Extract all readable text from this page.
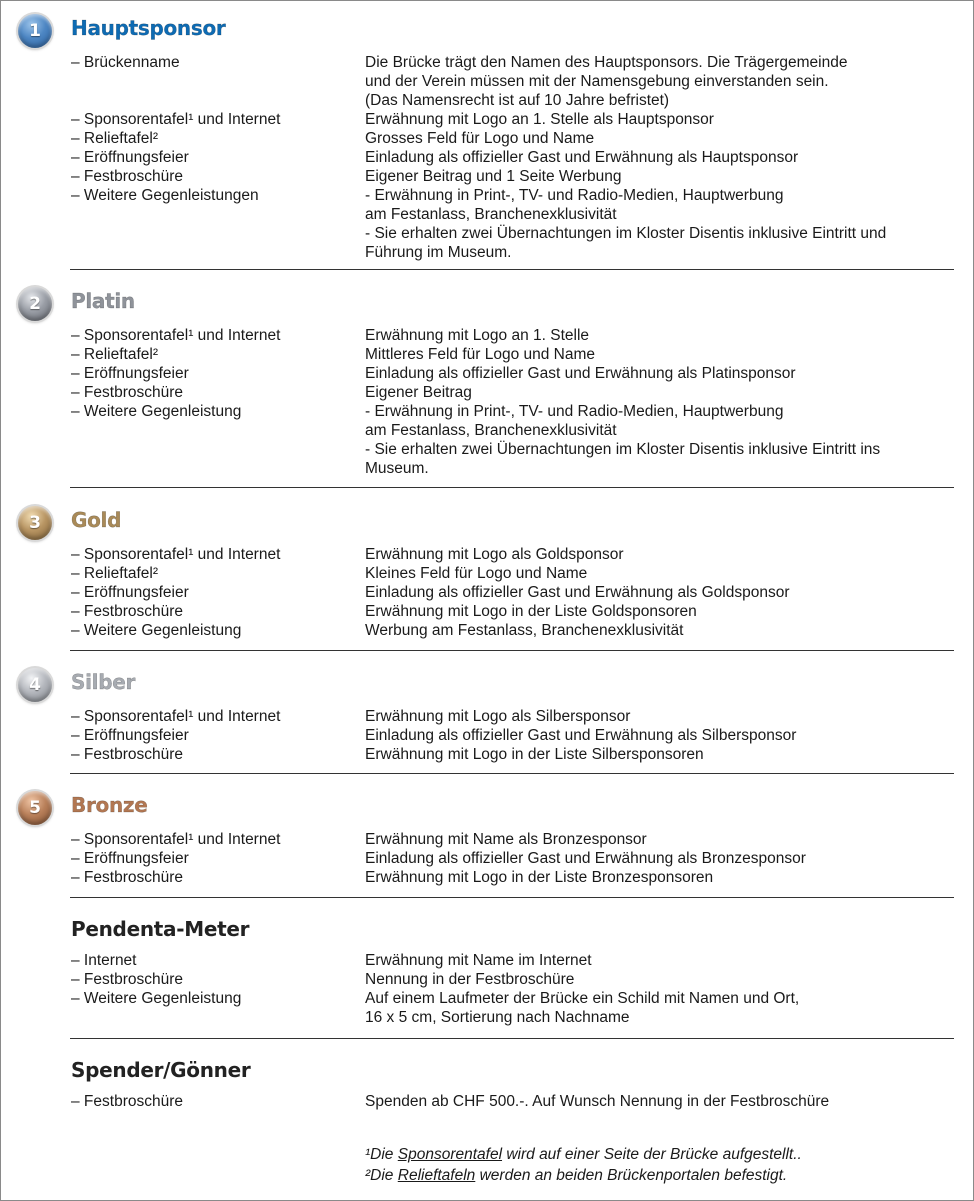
1	Hauptsponsor
– Brückenname	Die Brücke trägt den Namen des Hauptsponsors. Die Trägergemeinde
und der Verein müssen mit der Namensgebung einverstanden sein.
(Das Namensrecht ist auf 10 Jahre befristet)
– Sponsorentafel¹ und Internet	Erwähnung mit Logo an 1. Stelle als Hauptsponsor
– Relieftafel²	Grosses Feld für Logo und Name
– Eröffnungsfeier	Einladung als offizieller Gast und Erwähnung als Hauptsponsor
– Festbroschüre	Eigener Beitrag und 1 Seite Werbung
– Weitere Gegenleistungen	- Erwähnung in Print-, TV- und Radio-Medien, Hauptwerbung
am Festanlass, Branchenexklusivität
- Sie erhalten zwei Übernachtungen im Kloster Disentis inklusive Eintritt und
Führung im Museum.
2	Platin
– Sponsorentafel¹ und Internet	Erwähnung mit Logo an 1. Stelle
– Relieftafel²	Mittleres Feld für Logo und Name
– Eröffnungsfeier	Einladung als offizieller Gast und Erwähnung als Platinsponsor
– Festbroschüre	Eigener Beitrag
– Weitere Gegenleistung	- Erwähnung in Print-, TV- und Radio-Medien, Hauptwerbung
am Festanlass, Branchenexklusivität
- Sie erhalten zwei Übernachtungen im Kloster Disentis inklusive Eintritt ins
Museum.
3	Gold
– Sponsorentafel¹ und Internet	Erwähnung mit Logo als Goldsponsor
– Relieftafel²	Kleines Feld für Logo und Name
– Eröffnungsfeier	Einladung als offizieller Gast und Erwähnung als Goldsponsor
– Festbroschüre	Erwähnung mit Logo in der Liste Goldsponsoren
– Weitere Gegenleistung	Werbung am Festanlass, Branchenexklusivität
4	Silber
– Sponsorentafel¹ und Internet	Erwähnung mit Logo als Silbersponsor
– Eröffnungsfeier	Einladung als offizieller Gast und Erwähnung als Silbersponsor
– Festbroschüre	Erwähnung mit Logo in der Liste Silbersponsoren
5	Bronze
– Sponsorentafel¹ und Internet	Erwähnung mit Name als Bronzesponsor
– Eröffnungsfeier	Einladung als offizieller Gast und Erwähnung als Bronzesponsor
– Festbroschüre	Erwähnung mit Logo in der Liste Bronzesponsoren
Pendenta-Meter
– Internet	Erwähnung mit Name im Internet
– Festbroschüre	Nennung in der Festbroschüre
– Weitere Gegenleistung	Auf einem Laufmeter der Brücke ein Schild mit Namen und Ort,
16 x 5 cm, Sortierung nach Nachname
Spender/Gönner
– Festbroschüre	Spenden ab CHF 500.-. Auf Wunsch Nennung in der Festbroschüre
¹Die Sponsorentafel wird auf einer Seite der Brücke aufgestellt..
²Die Relieftafeln werden an beiden Brückenportalen befestigt.
